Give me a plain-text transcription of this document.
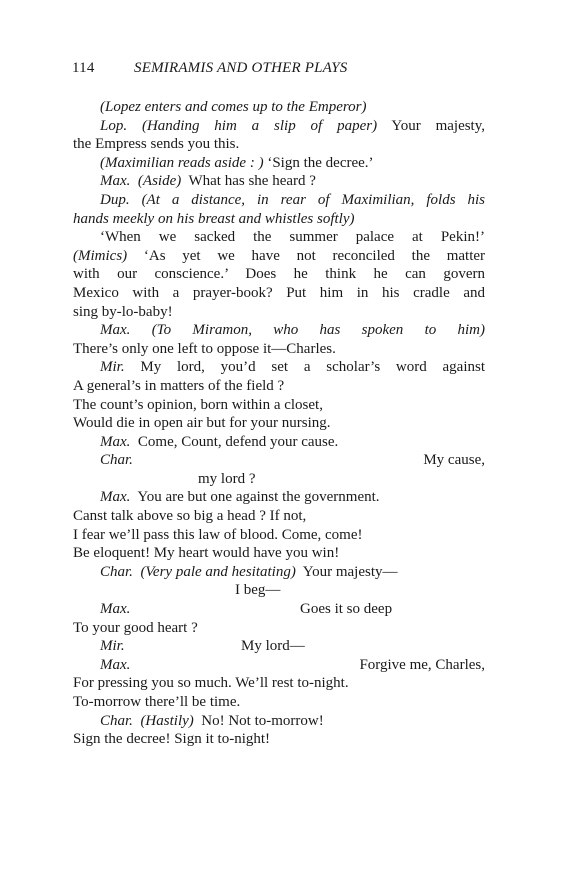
114	SEMIRAMIS AND OTHER PLAYS
(Lopez enters and comes up to the Emperor)
Lop. (Handing him a slip of paper) Your majesty,
the Empress sends you this.
(Maximilian reads aside : ) ‘Sign the decree.’
Max. (Aside) What has she heard ?
Dup. (At a distance, in rear of Maximilian, folds his
hands meekly on his breast and whistles softly)
‘When we sacked the summer palace at Pekin!’
(Mimics) ‘As yet we have not reconciled the matter
with our conscience.’ Does he think he can govern
Mexico with a prayer-book? Put him in his cradle and
sing by-lo-baby!
Max. (To Miramon, who has spoken to him)
There’s only one left to oppose it—Charles.
Mir. My lord, you’d set a scholar’s word against
A general’s in matters of the field ?
The count’s opinion, born within a closet,
Would die in open air but for your nursing.
Max. Come, Count, defend your cause.
Char.	My cause,
my lord ?
Max. You are but one against the government.
Canst talk above so big a head ? If not,
I fear we’ll pass this law of blood. Come, come!
Be eloquent! My heart would have you win!
Char. (Very pale and hesitating) Your majesty—
I beg—
Max.	Goes it so deep
To your good heart ?
Mir.	My lord—
Max.	Forgive me, Charles,
For pressing you so much. We’ll rest to-night.
To-morrow there’ll be time.
Char. (Hastily) No! Not to-morrow!
Sign the decree! Sign it to-night!
